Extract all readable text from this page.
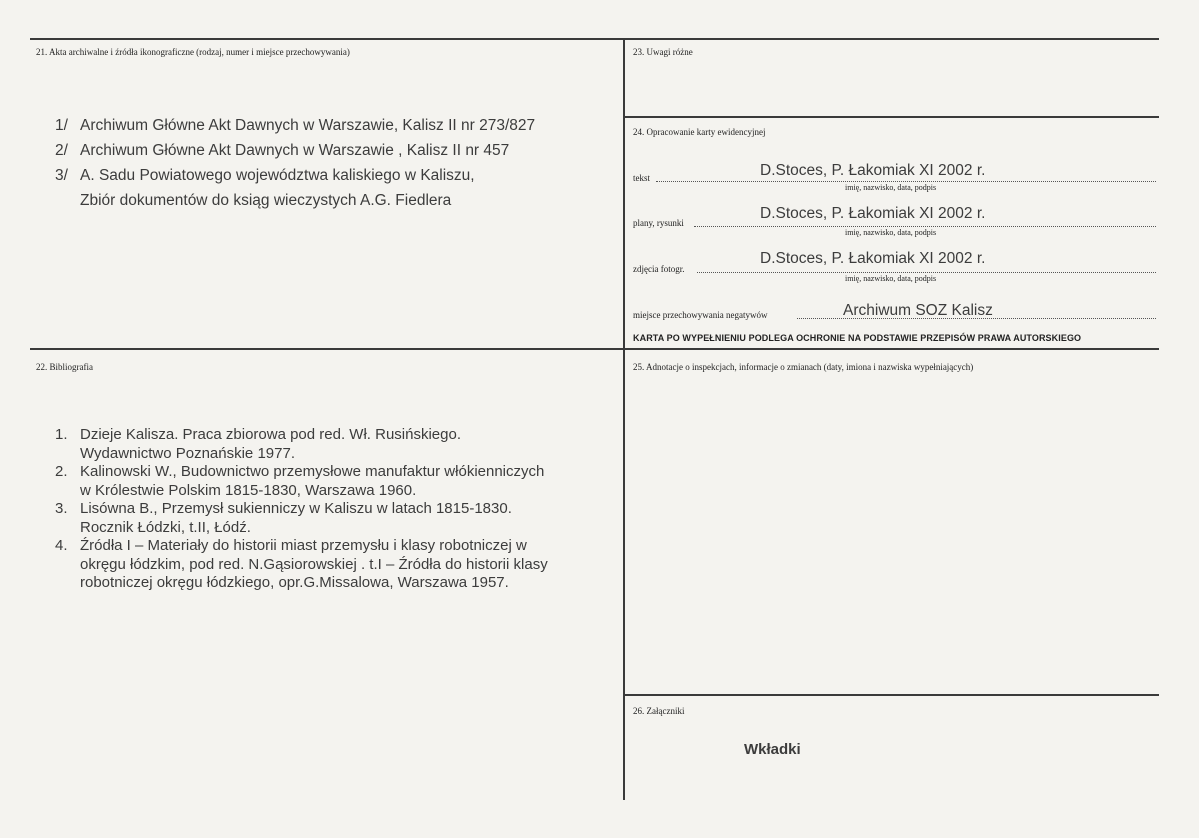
21. Akta archiwalne i źródła ikonograficzne (rodzaj, numer i miejsce przechowywania)
1/ Archiwum Główne Akt Dawnych w Warszawie, Kalisz II nr 273/827
2/ Archiwum Główne Akt Dawnych w Warszawie , Kalisz II nr 457
3/ A. Sadu Powiatowego województwa kaliskiego w Kaliszu,
Zbiór dokumentów do ksiąg wieczystych A.G. Fiedlera
23. Uwagi różne
24. Opracowanie karty ewidencyjnej
tekst	D.Stoces, P. Łakomiak XI 2002 r.
imię, nazwisko, data, podpis
plany, rysunki
D.Stoces, P. Łakomiak XI 2002 r.
imię, nazwisko, data, podpis
zdjęcia fotogr.
D.Stoces, P. Łakomiak XI 2002 r.
imię, nazwisko, data, podpis
miejsce przechowywania negatywów	Archiwum SOZ Kalisz
KARTA PO WYPEŁNIENIU PODLEGA OCHRONIE NA PODSTAWIE PRZEPISÓW PRAWA AUTORSKIEGO
22. Bibliografia
1. Dzieje Kalisza. Praca zbiorowa pod red. Wł. Rusińskiego.
Wydawnictwo Poznańskie 1977.
2. Kalinowski W., Budownictwo przemysłowe manufaktur włókienniczych
w Królestwie Polskim 1815-1830, Warszawa 1960.
3. Lisówna B., Przemysł sukienniczy w Kaliszu w latach 1815-1830.
Rocznik Łódzki, t.II, Łódź.
4. Źródła I – Materiały do historii miast przemysłu i klasy robotniczej w
okręgu łódzkim, pod red. N.Gąsiorowskiej . t.I – Źródła do historii klasy
robotniczej okręgu łódzkiego, opr.G.Missalowa, Warszawa 1957.
25. Adnotacje o inspekcjach, informacje o zmianach (daty, imiona i nazwiska wypełniających)
26. Załączniki
Wkładki
